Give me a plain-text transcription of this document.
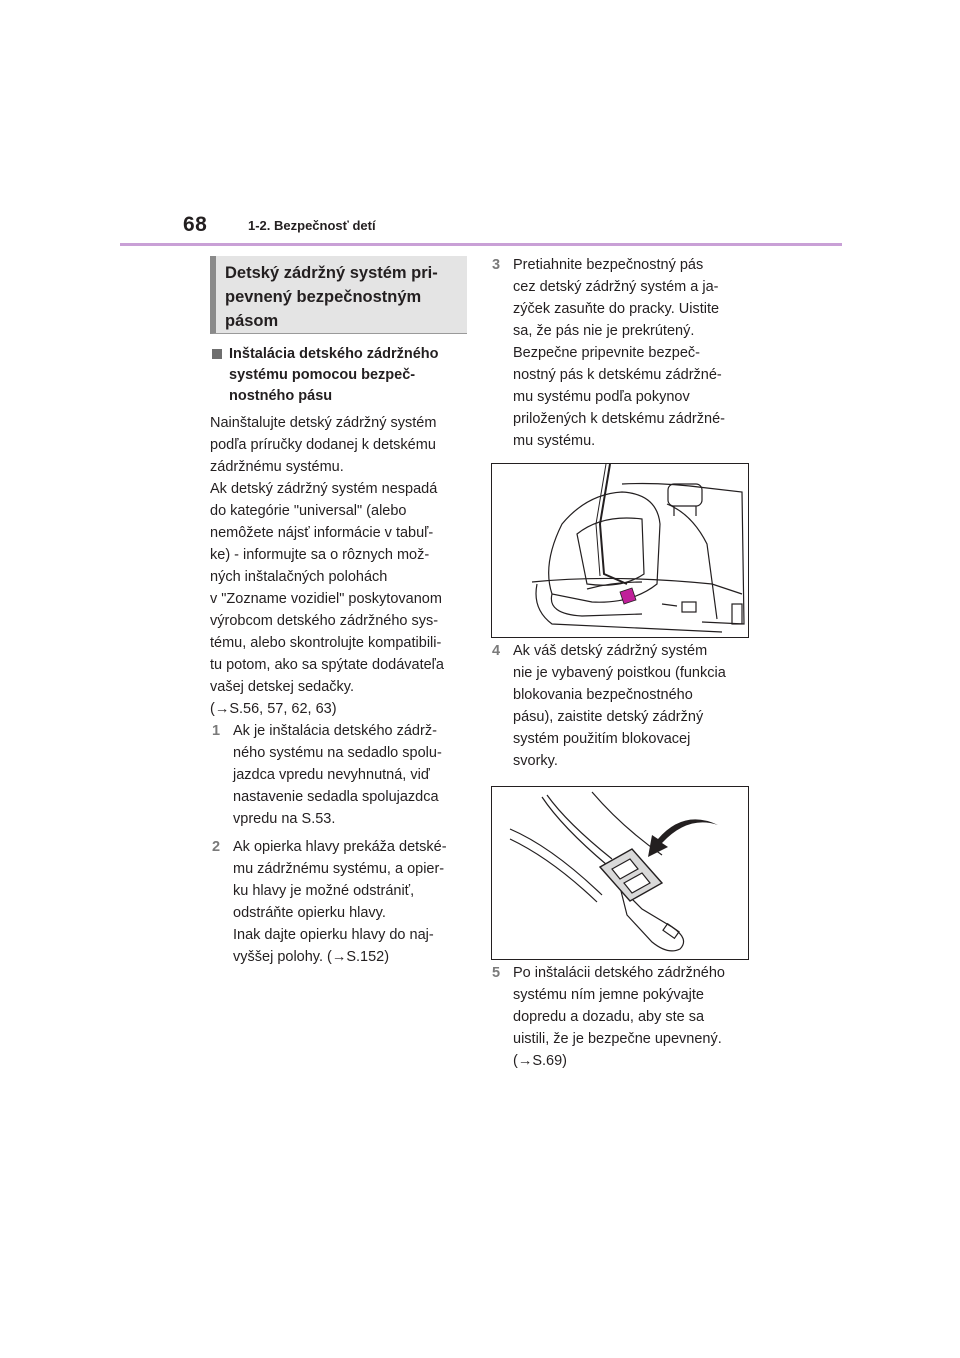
68	1-2. Bezpečnosť detí
Detský zádržný systém pri-
pevnený bezpečnostným
pásom
Inštalácia detského zádržného
systému pomocou bezpeč-
nostného pásu
Nainštalujte detský zádržný systém
podľa príručky dodanej k detskému
zádržnému systému.
Ak detský zádržný systém nespadá
do kategórie "universal" (alebo
nemôžete nájsť informácie v tabuľ-
ke) - informujte sa o rôznych mož-
ných inštalačných polohách
v "Zozname vozidiel" poskytovanom
výrobcom detského zádržného sys-
tému, alebo skontrolujte kompatibili-
tu potom, ako sa spýtate dodávateľa
vašej detskej sedačky.
(→S.56, 57, 62, 63)
1 Ak je inštalácia detského zádrž-
ného systému na sedadlo spolu-
jazdca vpredu nevyhnutná, viď
nastavenie sedadla spolujazdca
vpredu na S.53.
2 Ak opierka hlavy prekáža detské-
mu zádržnému systému, a opier-
ku hlavy je možné odstrániť,
odstráňte opierku hlavy.
Inak dajte opierku hlavy do naj-
vyššej polohy. (→S.152)
3 Pretiahnite bezpečnostný pás
cez detský zádržný systém a ja-
zýček zasuňte do pracky. Uistite
sa, že pás nie je prekrútený.
Bezpečne pripevnite bezpeč-
nostný pás k detskému zádržné-
mu systému podľa pokynov
priložených k detskému zádržné-
mu systému.
4 Ak váš detský zádržný systém
nie je vybavený poistkou (funkcia
blokovania bezpečnostného
pásu), zaistite detský zádržný
systém použitím blokovacej
svorky.
5 Po inštalácii detského zádržného
systému ním jemne pokývajte
dopredu a dozadu, aby ste sa
uistili, že je bezpečne upevnený.
(→S.69)
